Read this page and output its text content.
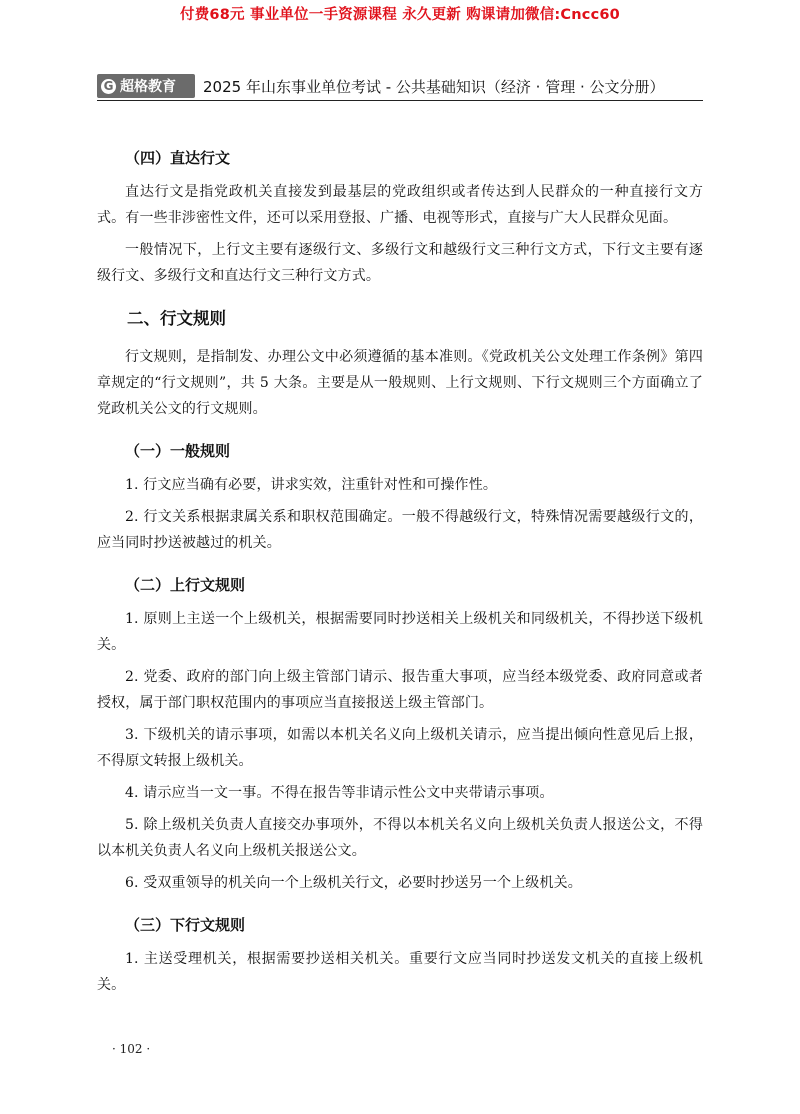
付费68元 事业单位一手资源课程 永久更新 购课请加微信:Cncc60
G 超格教育 2025 年山东事业单位考试 - 公共基础知识（经济 · 管理 · 公文分册）
（四）直达行文

直达行文是指党政机关直接发到最基层的党政组织或者传达到人民群众的一种直接行文方式。有一些非涉密性文件，还可以采用登报、广播、电视等形式，直接与广大人民群众见面。

一般情况下，上行文主要有逐级行文、多级行文和越级行文三种行文方式，下行文主要有逐级行文、多级行文和直达行文三种行文方式。

二、行文规则

行文规则，是指制发、办理公文中必须遵循的基本准则。《党政机关公文处理工作条例》第四章规定的“行文规则”，共 5 大条。主要是从一般规则、上行文规则、下行文规则三个方面确立了党政机关公文的行文规则。

（一）一般规则

1. 行文应当确有必要，讲求实效，注重针对性和可操作性。

2. 行文关系根据隶属关系和职权范围确定。一般不得越级行文，特殊情况需要越级行文的，应当同时抄送被越过的机关。

（二）上行文规则

1. 原则上主送一个上级机关，根据需要同时抄送相关上级机关和同级机关，不得抄送下级机关。

2. 党委、政府的部门向上级主管部门请示、报告重大事项，应当经本级党委、政府同意或者授权，属于部门职权范围内的事项应当直接报送上级主管部门。

3. 下级机关的请示事项，如需以本机关名义向上级机关请示，应当提出倾向性意见后上报，不得原文转报上级机关。

4. 请示应当一文一事。不得在报告等非请示性公文中夹带请示事项。

5. 除上级机关负责人直接交办事项外，不得以本机关名义向上级机关负责人报送公文，不得以本机关负责人名义向上级机关报送公文。

6. 受双重领导的机关向一个上级机关行文，必要时抄送另一个上级机关。

（三）下行文规则

1. 主送受理机关，根据需要抄送相关机关。重要行文应当同时抄送发文机关的直接上级机关。

· 102 ·
